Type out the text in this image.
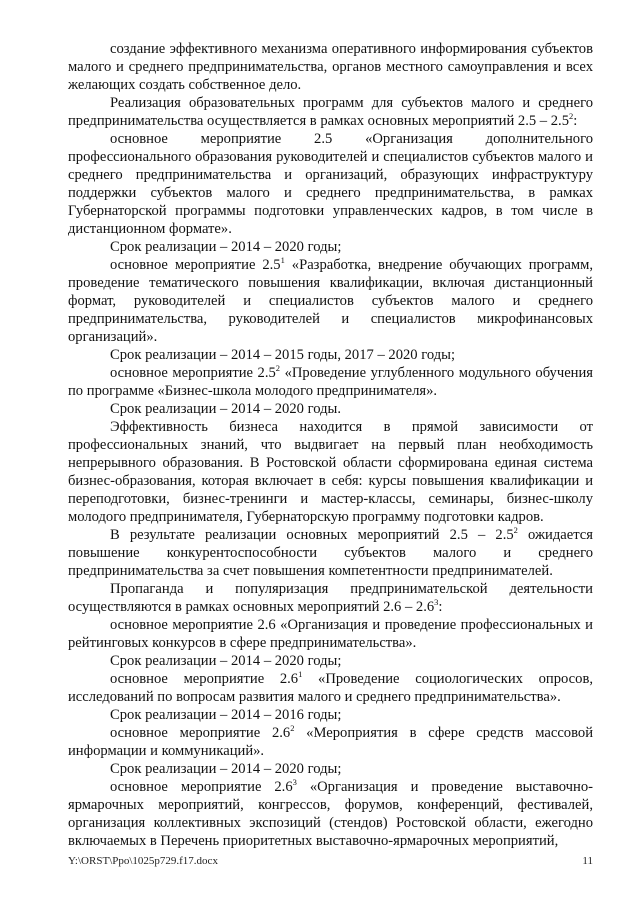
создание эффективного механизма оперативного информирования субъектов малого и среднего предпринимательства, органов местного самоуправления и всех желающих создать собственное дело.

Реализация образовательных программ для субъектов малого и среднего предпринимательства осуществляется в рамках основных мероприятий $2.5 - 2.5^2$:

основное мероприятие 2.5 «Организация дополнительного профессионального образования руководителей и специалистов субъектов малого и среднего предпринимательства и организаций, образующих инфраструктуру поддержки субъектов малого и среднего предпринимательства, в рамках Губернаторской программы подготовки управленческих кадров, в том числе в дистанционном формате».

Срок реализации – 2014 – 2020 годы;

основное мероприятие $2.5^1$ «Разработка, внедрение обучающих программ, проведение тематического повышения квалификации, включая дистанционный формат, руководителей и специалистов субъектов малого и среднего предпринимательства, руководителей и специалистов микрофинансовых организаций».

Срок реализации – 2014 – 2015 годы, 2017 – 2020 годы;

основное мероприятие $2.5^2$ «Проведение углубленного модульного обучения по программе «Бизнес-школа молодого предпринимателя».

Срок реализации – 2014 – 2020 годы.

Эффективность бизнеса находится в прямой зависимости от профессиональных знаний, что выдвигает на первый план необходимость непрерывного образования. В Ростовской области сформирована единая система бизнес-образования, которая включает в себя: курсы повышения квалификации и переподготовки, бизнес-тренинги и мастер-классы, семинары, бизнес-школу молодого предпринимателя, Губернаторскую программу подготовки кадров.

В результате реализации основных мероприятий $2.5 - 2.5^2$ ожидается повышение конкурентоспособности субъектов малого и среднего предпринимательства за счет повышения компетентности предпринимателей.

Пропаганда и популяризация предпринимательской деятельности осуществляются в рамках основных мероприятий $2.6 - 2.6^3$:

основное мероприятие 2.6 «Организация и проведение профессиональных и рейтинговых конкурсов в сфере предпринимательства».

Срок реализации – 2014 – 2020 годы;

основное мероприятие $2.6^1$ «Проведение социологических опросов, исследований по вопросам развития малого и среднего предпринимательства».

Срок реализации – 2014 – 2016 годы;

основное мероприятие $2.6^2$ «Мероприятия в сфере средств массовой информации и коммуникаций».

Срок реализации – 2014 – 2020 годы;

основное мероприятие $2.6^3$ «Организация и проведение выставочно-ярмарочных мероприятий, конгрессов, форумов, конференций, фестивалей, организация коллективных экспозиций (стендов) Ростовской области, ежегодно включаемых в Перечень приоритетных выставочно-ярмарочных мероприятий,

Y:\ORST\Ppo\1025p729.f17.docx	11
